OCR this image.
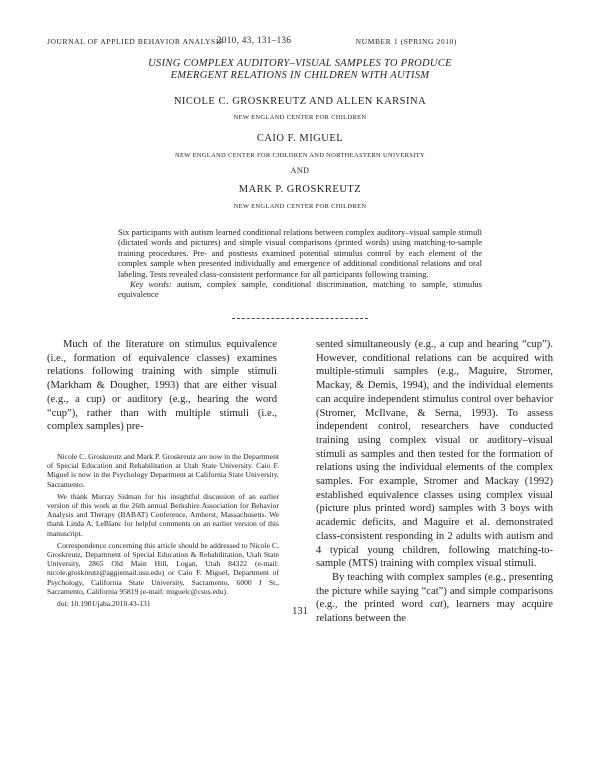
JOURNAL OF APPLIED BEHAVIOR ANALYSIS
2010, 43, 131–136	NUMBER 1 (SPRING 2010)
USING COMPLEX AUDITORY–VISUAL SAMPLES TO PRODUCE
EMERGENT RELATIONS IN CHILDREN WITH AUTISM
NICOLE C. GROSKREUTZ AND ALLEN KARSINA
NEW ENGLAND CENTER FOR CHILDREN
CAIO F. MIGUEL
NEW ENGLAND CENTER FOR CHILDREN AND NORTHEASTERN UNIVERSITY
AND
MARK P. GROSKREUTZ
NEW ENGLAND CENTER FOR CHILDREN

Six participants with autism learned conditional relations between complex auditory–visual sample stimuli (dictated words and pictures) and simple visual comparisons (printed words) using matching-to-sample training procedures. Pre- and posttests examined potential stimulus control by each element of the complex sample when presented individually and emergence of additional conditional relations and oral labeling. Tests revealed class-consistent performance for all participants following training.

Key words: autism, complex sample, conditional discrimination, matching to sample, stimulus equivalence

Much of the literature on stimulus equivalence (i.e., formation of equivalence classes) examines relations following training with simple stimuli (Markham & Dougher, 1993) that are either visual (e.g., a cup) or auditory (e.g., hearing the word “cup”), rather than with multiple stimuli (i.e., complex samples) pre-

Nicole C. Groskreutz and Mark P. Groskreutz are now in the Department of Special Education and Rehabilitation at Utah State University. Caio F. Miguel is now in the Psychology Department at California State University, Sacramento.

We thank Murray Sidman for his insightful discussion of an earlier version of this work at the 26th annual Berkshire Association for Behavior Analysis and Therapy (BABAT) Conference, Amherst, Massachusetts. We thank Linda A. LeBlanc for helpful comments on an earlier version of this manuscript.

Correspondence concerning this article should be addressed to Nicole C. Groskreutz, Department of Special Education & Rehabilitation, Utah State University, 2865 Old Main Hill, Logan, Utah 84322 (e-mail: nicole.groskreutz@aggiemail.usu.edu) or Caio F. Miguel, Department of Psychology, California State University, Sacramento, 6000 J St., Sacramento, California 95819 (e-mail: miguelc@csus.edu).

doi: 10.1901/jaba.2010.43-131

sented simultaneously (e.g., a cup and hearing “cup”). However, conditional relations can be acquired with multiple-stimuli samples (e.g., Maguire, Stromer, Mackay, & Demis, 1994), and the individual elements can acquire independent stimulus control over behavior (Stromer, McIlvane, & Serna, 1993). To assess independent control, researchers have conducted training using complex visual or auditory–visual stimuli as samples and then tested for the formation of relations using the individual elements of the complex samples. For example, Stromer and Mackay (1992) established equivalence classes using complex visual (picture plus printed word) samples with 3 boys with academic deficits, and Maguire et al. demonstrated class-consistent responding in 2 adults with autism and 4 typical young children, following matching-to-sample (MTS) training with complex visual stimuli.

By teaching with complex samples (e.g., presenting the picture while saying “cat”) and simple comparisons (e.g., the printed word cat), learners may acquire relations between the

131
